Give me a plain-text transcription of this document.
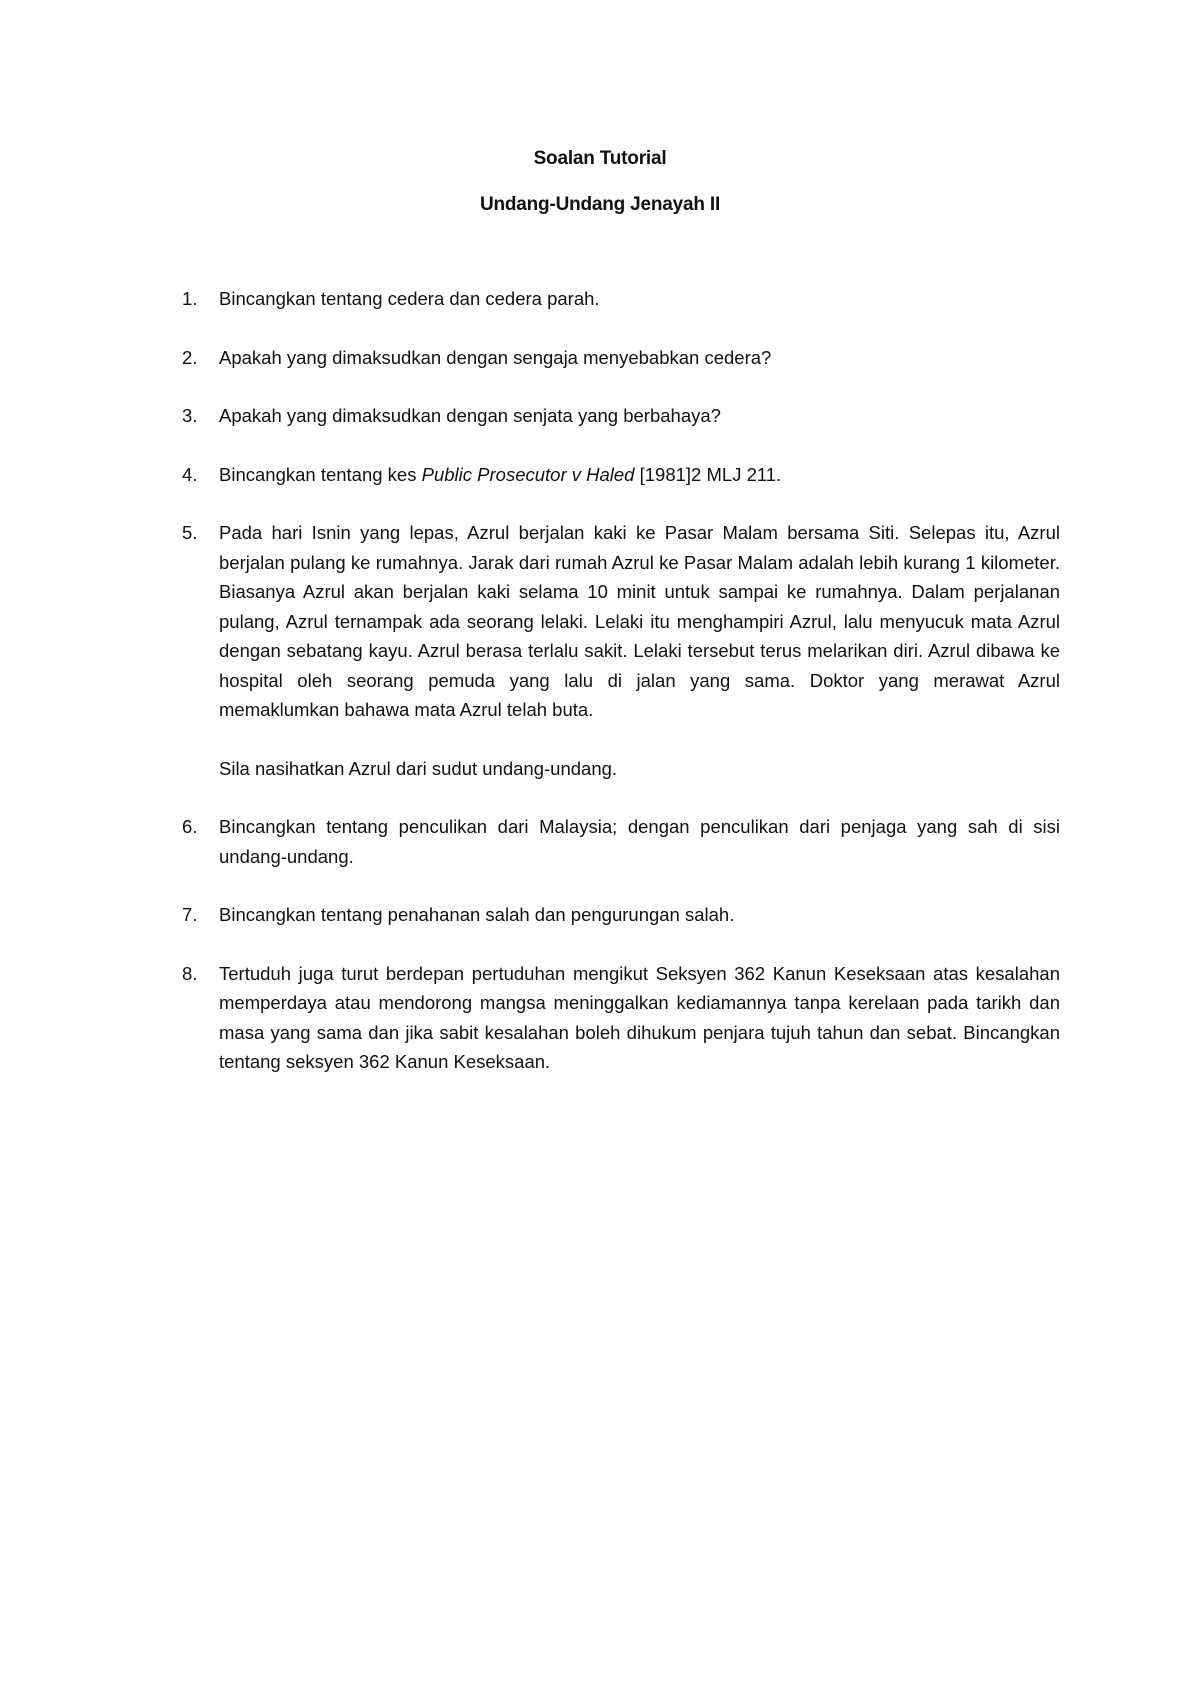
Soalan Tutorial
Undang-Undang Jenayah II
1. Bincangkan tentang cedera dan cedera parah.

2. Apakah yang dimaksudkan dengan sengaja menyebabkan cedera?

3. Apakah yang dimaksudkan dengan senjata yang berbahaya?

4. Bincangkan tentang kes Public Prosecutor v Haled [1981]2 MLJ 211.

5. Pada hari Isnin yang lepas, Azrul berjalan kaki ke Pasar Malam bersama Siti. Selepas itu, Azrul berjalan pulang ke rumahnya. Jarak dari rumah Azrul ke Pasar Malam adalah lebih kurang 1 kilometer. Biasanya Azrul akan berjalan kaki selama 10 minit untuk sampai ke rumahnya. Dalam perjalanan pulang, Azrul ternampak ada seorang lelaki. Lelaki itu menghampiri Azrul, lalu menyucuk mata Azrul dengan sebatang kayu. Azrul berasa terlalu sakit. Lelaki tersebut terus melarikan diri. Azrul dibawa ke hospital oleh seorang pemuda yang lalu di jalan yang sama. Doktor yang merawat Azrul memaklumkan bahawa mata Azrul telah buta.

Sila nasihatkan Azrul dari sudut undang-undang.

6. Bincangkan tentang penculikan dari Malaysia; dengan penculikan dari penjaga yang sah di sisi undang-undang.

7. Bincangkan tentang penahanan salah dan pengurungan salah.

8. Tertuduh juga turut berdepan pertuduhan mengikut Seksyen 362 Kanun Keseksaan atas kesalahan memperdaya atau mendorong mangsa meninggalkan kediamannya tanpa kerelaan pada tarikh dan masa yang sama dan jika sabit kesalahan boleh dihukum penjara tujuh tahun dan sebat. Bincangkan tentang seksyen 362 Kanun Keseksaan.
